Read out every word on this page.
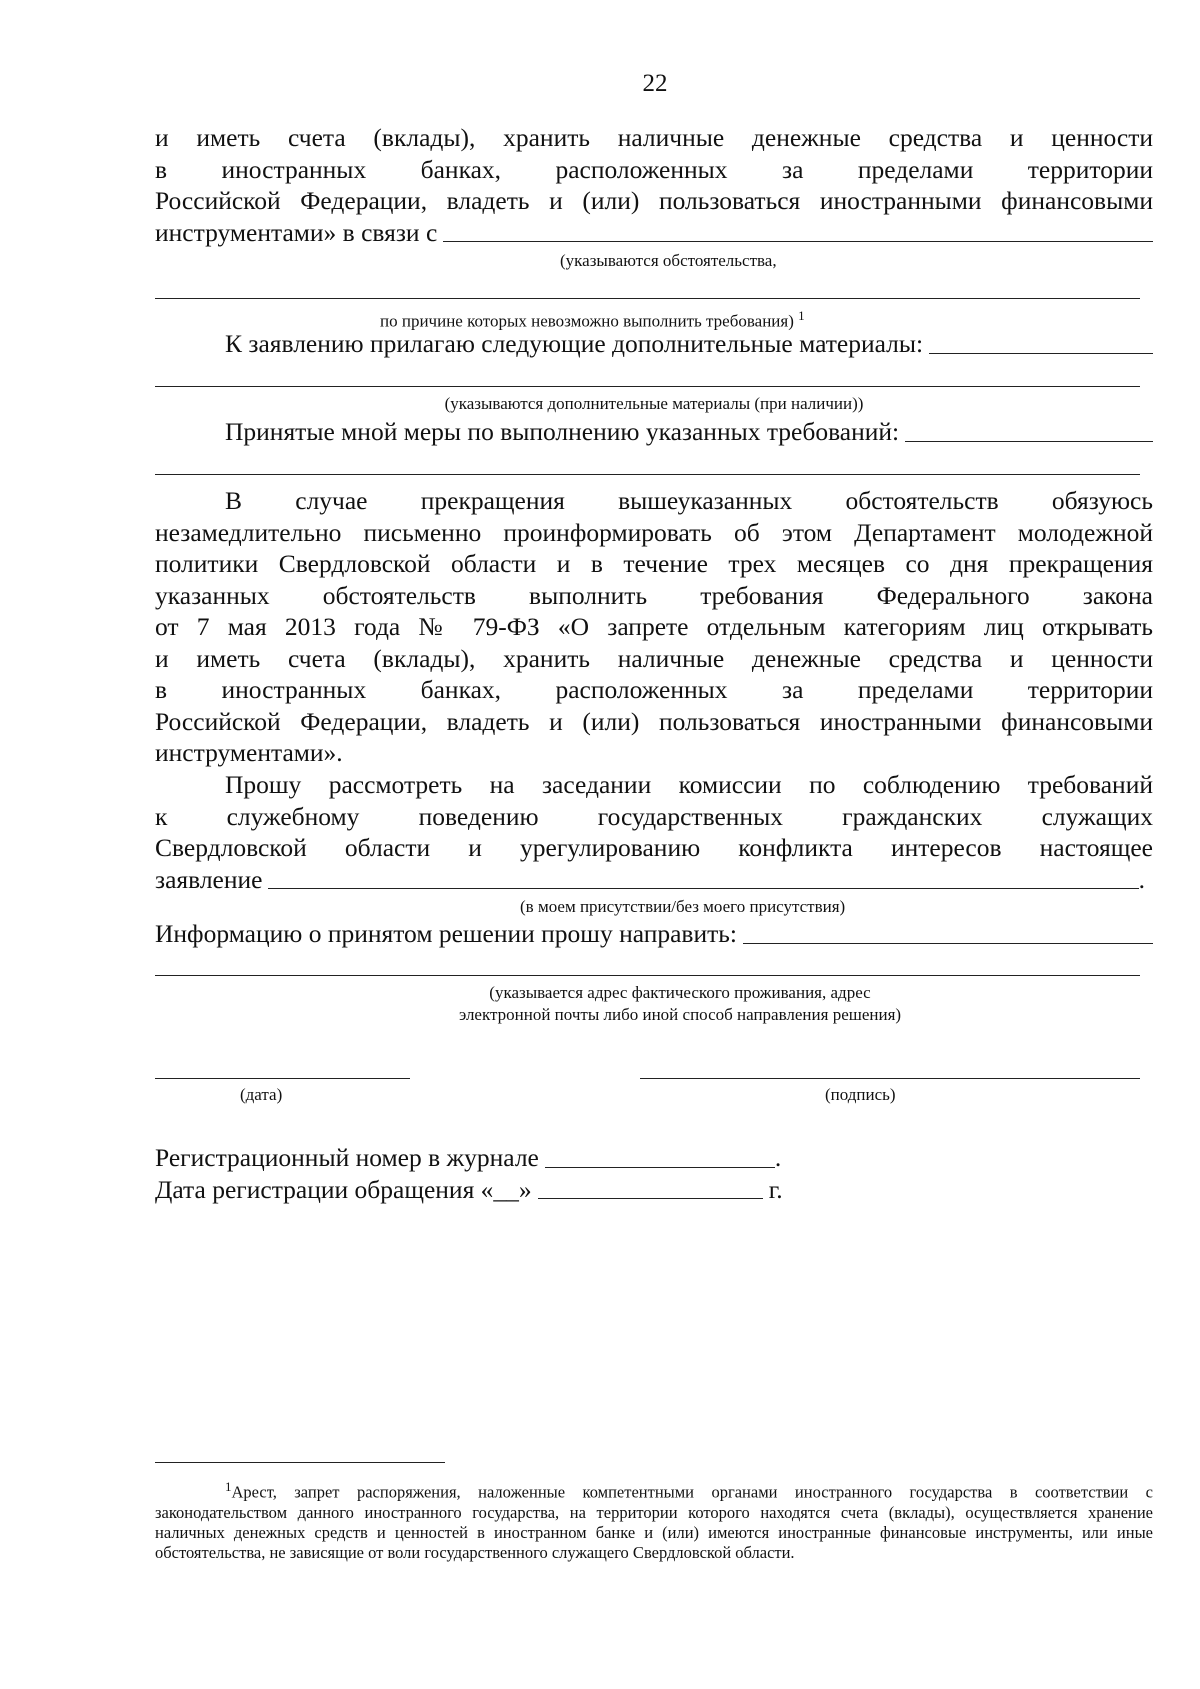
22
и иметь счета (вклады), хранить наличные денежные средства и ценности
в иностранных банках, расположенных за пределами территории
Российской Федерации, владеть и (или) пользоваться иностранными финансовыми
инструментами» в связи с
(указываются обстоятельства,
по причине которых невозможно выполнить требования) $^1$
К заявлению прилагаю следующие дополнительные материалы:
(указываются дополнительные материалы (при наличии))
Принятые мной меры по выполнению указанных требований:
В случае прекращения вышеуказанных обстоятельств обязуюсь
незамедлительно письменно проинформировать об этом Департамент молодежной
политики Свердловской области и в течение трех месяцев со дня прекращения
указанных обстоятельств выполнить требования Федерального закона
от 7 мая 2013 года № 79-ФЗ «О запрете отдельным категориям лиц открывать
и иметь счета (вклады), хранить наличные денежные средства и ценности
в иностранных банках, расположенных за пределами территории
Российской Федерации, владеть и (или) пользоваться иностранными финансовыми
инструментами».
Прошу рассмотреть на заседании комиссии по соблюдению требований
к служебному поведению государственных гражданских служащих
Свердловской области и урегулированию конфликта интересов настоящее
заявление	.
(в моем присутствии/без моего присутствия)
Информацию о принятом решении прошу направить:
(указывается адрес фактического проживания, адрес
электронной почты либо иной способ направления решения)
(дата)	(подпись)
Регистрационный номер в журнале	.
Дата регистрации обращения «__»	г.
$^1$Арест, запрет распоряжения, наложенные компетентными органами иностранного государства в соответствии с законодательством данного иностранного государства, на территории которого находятся счета (вклады), осуществляется хранение наличных денежных средств и ценностей в иностранном банке и (или) имеются иностранные финансовые инструменты, или иные обстоятельства, не зависящие от воли государственного служащего Свердловской области.
